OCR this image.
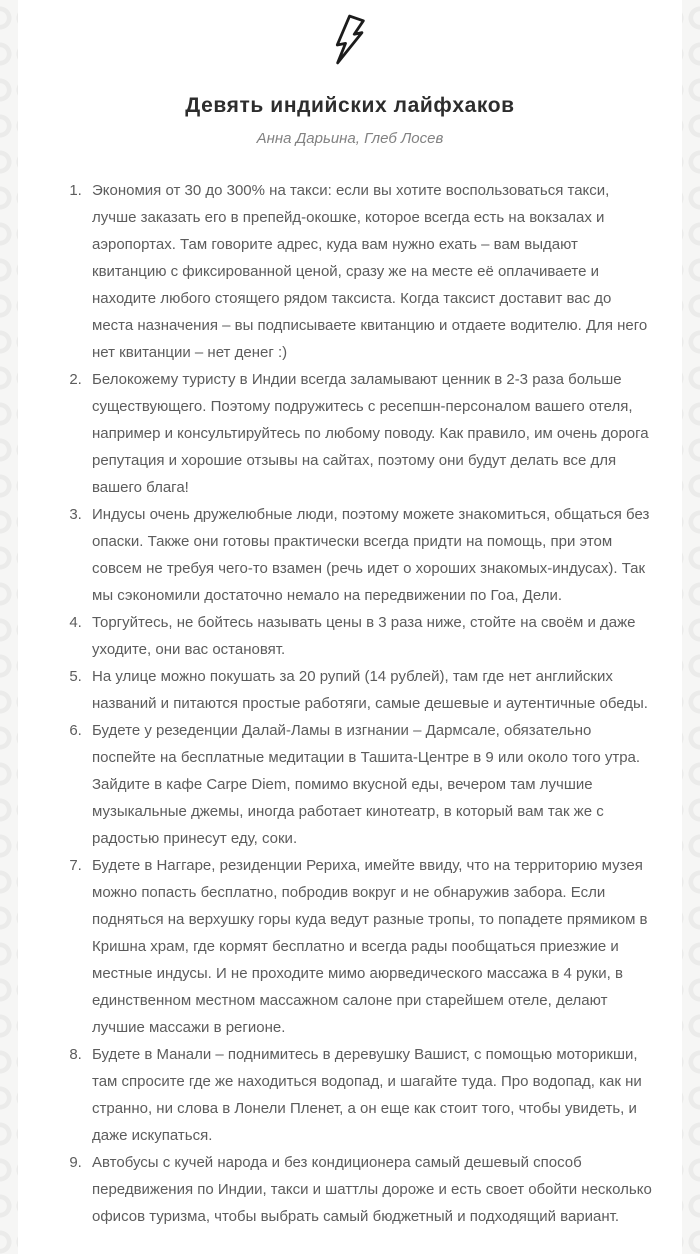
Девять индийских лайфхаков

Анна Дарьина, Глеб Лосев

1. Экономия от 30 до 300% на такси: если вы хотите воспользоваться такси, лучше заказать его в препейд-окошке, которое всегда есть на вокзалах и аэропортах. Там говорите адрес, куда вам нужно ехать – вам выдают квитанцию с фиксированной ценой, сразу же на месте её оплачиваете и находите любого стоящего рядом таксиста. Когда таксист доставит вас до места назначения – вы подписываете квитанцию и отдаете водителю. Для него нет квитанции – нет денег :)
2. Белокожему туристу в Индии всегда заламывают ценник в 2-3 раза больше существующего. Поэтому подружитесь с ресепшн-персоналом вашего отеля, например и консультируйтесь по любому поводу. Как правило, им очень дорога репутация и хорошие отзывы на сайтах, поэтому они будут делать все для вашего блага!
3. Индусы очень дружелюбные люди, поэтому можете знакомиться, общаться без опаски. Также они готовы практически всегда придти на помощь, при этом совсем не требуя чего-то взамен (речь идет о хороших знакомых-индусах). Так мы сэкономили достаточно немало на передвижении по Гоа, Дели.
4. Торгуйтесь, не бойтесь называть цены в 3 раза ниже, стойте на своём и даже уходите, они вас остановят.
5. На улице можно покушать за 20 рупий (14 рублей), там где нет английских названий и питаются простые работяги, самые дешевые и аутентичные обеды.
6. Будете у резеденции Далай-Ламы в изгнании – Дармсале, обязательно поспейте на бесплатные медитации в Ташита-Центре в 9 или около того утра. Зайдите в кафе Carpe Diem, помимо вкусной еды, вечером там лучшие музыкальные джемы, иногда работает кинотеатр, в который вам так же с радостью принесут еду, соки.
7. Будете в Наггаре, резиденции Рериха, имейте ввиду, что на территорию музея можно попасть бесплатно, побродив вокруг и не обнаружив забора. Если подняться на верхушку горы куда ведут разные тропы, то попадете прямиком в Кришна храм, где кормят бесплатно и всегда рады пообщаться приезжие и местные индусы. И не проходите мимо аюрведического массажа в 4 руки, в единственном местном массажном салоне при старейшем отеле, делают лучшие массажи в регионе.
8. Будете в Манали – поднимитесь в деревушку Вашист, с помощью моторикши, там спросите где же находиться водопад, и шагайте туда. Про водопад, как ни странно, ни слова в Лонели Пленет, а он еще как стоит того, чтобы увидеть, и даже искупаться.
9. Автобусы с кучей народа и без кондиционера самый дешевый способ передвижения по Индии, такси и шаттлы дороже и есть своет обойти несколько офисов туризма, чтобы выбрать самый бюджетный и подходящий вариант.
